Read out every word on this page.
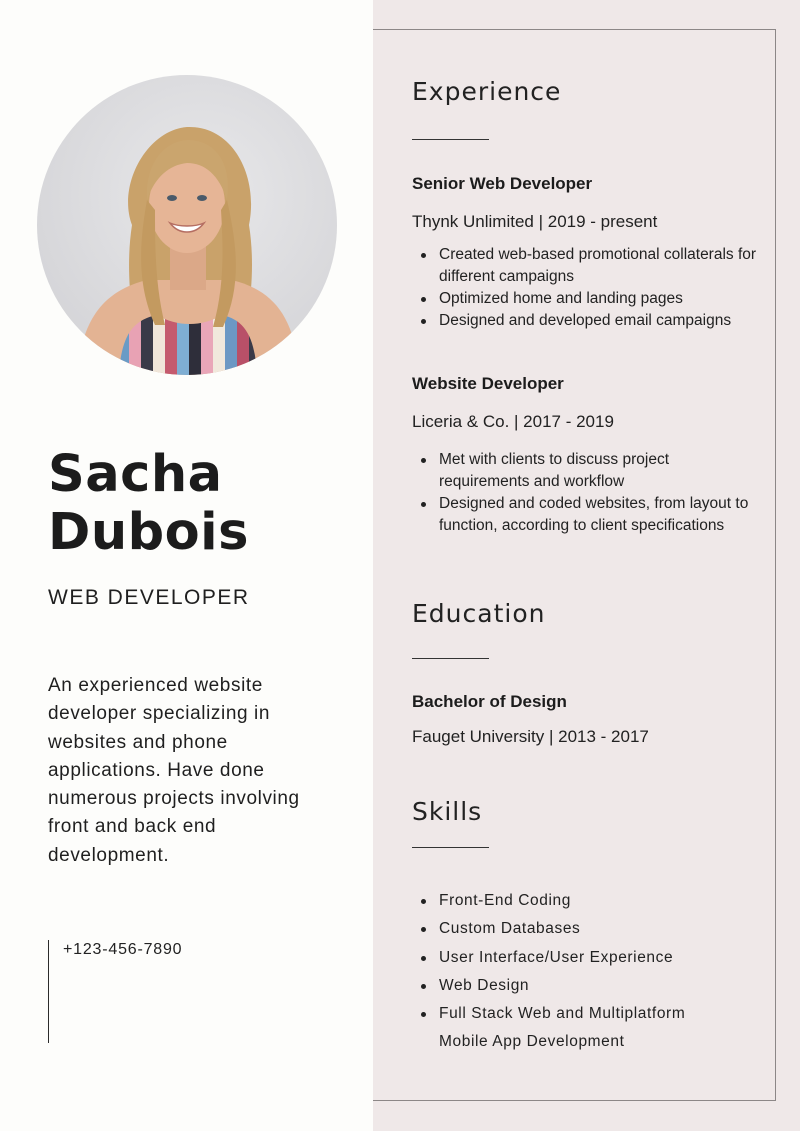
Sacha
Dubois
WEB DEVELOPER
An experienced website developer specializing in websites and phone applications. Have done numerous projects involving front and back end development.
+123-456-7890
Experience
Senior Web Developer
Thynk Unlimited | 2019 - present
Created web-based promotional collaterals for different campaigns
Optimized home and landing pages
Designed and developed email campaigns
Website Developer
Liceria & Co. | 2017 - 2019
Met with clients to discuss project requirements and workflow
Designed and coded websites, from layout to function, according to client specifications
Education
Bachelor of Design
Fauget University | 2013 - 2017
Skills
Front-End Coding
Custom Databases
User Interface/User Experience
Web Design
Full Stack Web and Multiplatform Mobile App Development
